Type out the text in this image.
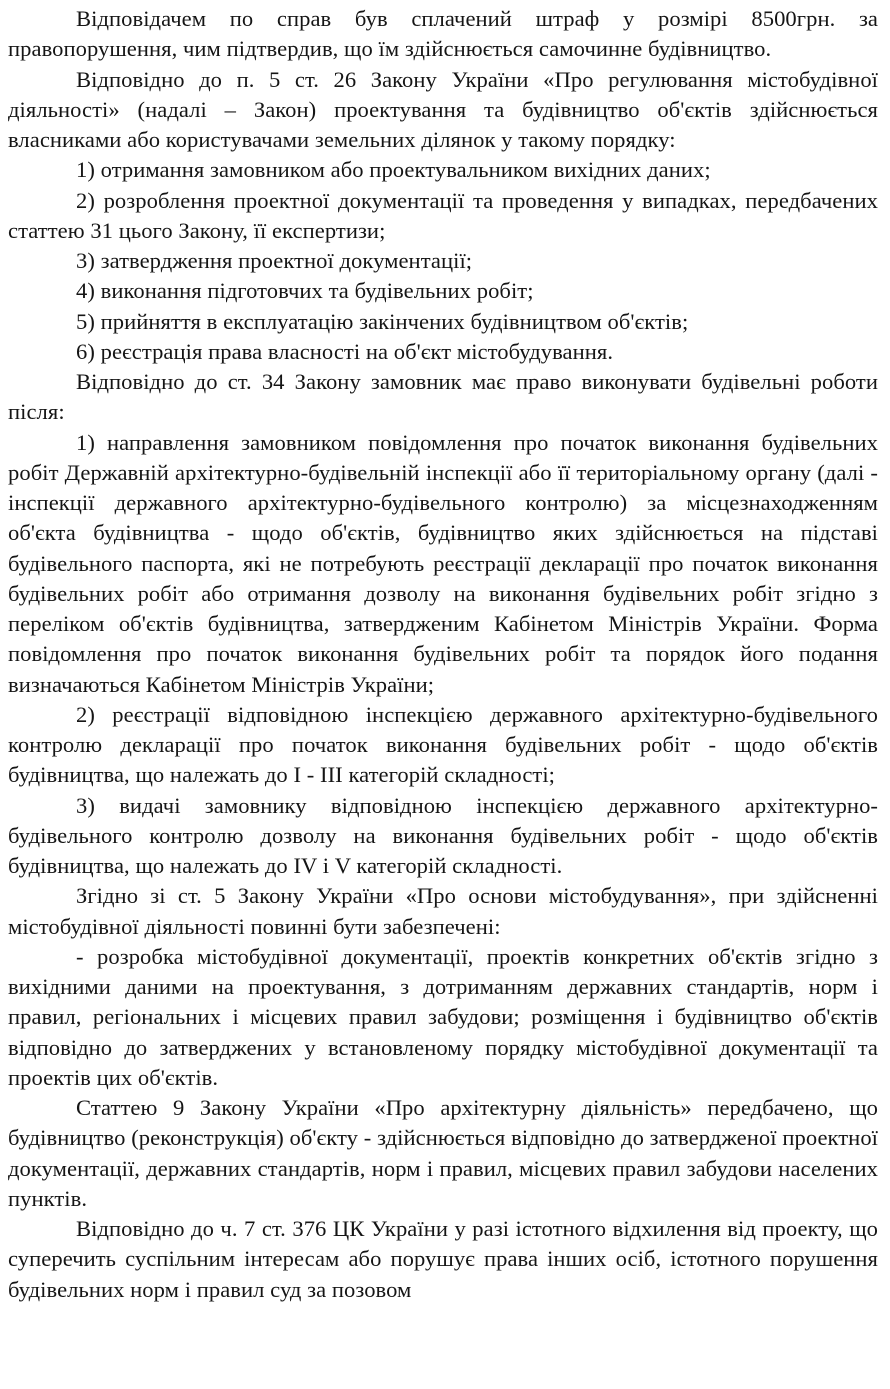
Відповідачем по справ був сплачений штраф у розмірі 8500грн. за правопорушення, чим підтвердив, що їм здійснюється самочинне будівництво.

Відповідно до п. 5 ст. 26 Закону України «Про регулювання містобудівної діяльності» (надалі – Закон) проектування та будівництво об'єктів здійснюється власниками або користувачами земельних ділянок у такому порядку:

1) отримання замовником або проектувальником вихідних даних;

2) розроблення проектної документації та проведення у випадках, передбачених статтею 31 цього Закону, її експертизи;

3) затвердження проектної документації;

4) виконання підготовчих та будівельних робіт;

5) прийняття в експлуатацію закінчених будівництвом об'єктів;

6) реєстрація права власності на об'єкт містобудування.

Відповідно до ст. 34 Закону замовник має право виконувати будівельні роботи після:

1) направлення замовником повідомлення про початок виконання будівельних робіт Державній архітектурно-будівельній інспекції або її територіальному органу (далі - інспекції державного архітектурно-будівельного контролю) за місцезнаходженням об'єкта будівництва - щодо об'єктів, будівництво яких здійснюється на підставі будівельного паспорта, які не потребують реєстрації декларації про початок виконання будівельних робіт або отримання дозволу на виконання будівельних робіт згідно з переліком об'єктів будівництва, затвердженим Кабінетом Міністрів України. Форма повідомлення про початок виконання будівельних робіт та порядок його подання визначаються Кабінетом Міністрів України;

2) реєстрації відповідною інспекцією державного архітектурно-будівельного контролю декларації про початок виконання будівельних робіт - щодо об'єктів будівництва, що належать до I - III категорій складності;

3) видачі замовнику відповідною інспекцією державного архітектурно-будівельного контролю дозволу на виконання будівельних робіт - щодо об'єктів будівництва, що належать до IV і V категорій складності.

Згідно зі ст. 5 Закону України «Про основи містобудування», при здійсненні містобудівної діяльності повинні бути забезпечені:

- розробка містобудівної документації, проектів конкретних об'єктів згідно з вихідними даними на проектування, з дотриманням державних стандартів, норм і правил, регіональних і місцевих правил забудови; розміщення і будівництво об'єктів відповідно до затверджених у встановленому порядку містобудівної документації та проектів цих об'єктів.

Статтею 9 Закону України «Про архітектурну діяльність» передбачено, що будівництво (реконструкція) об'єкту - здійснюється відповідно до затвердженої проектної документації, державних стандартів, норм і правил, місцевих правил забудови населених пунктів.

Відповідно до ч. 7 ст. 376 ЦК України у разі істотного відхилення від проекту, що суперечить суспільним інтересам або порушує права інших осіб, істотного порушення будівельних норм і правил суд за позовом
